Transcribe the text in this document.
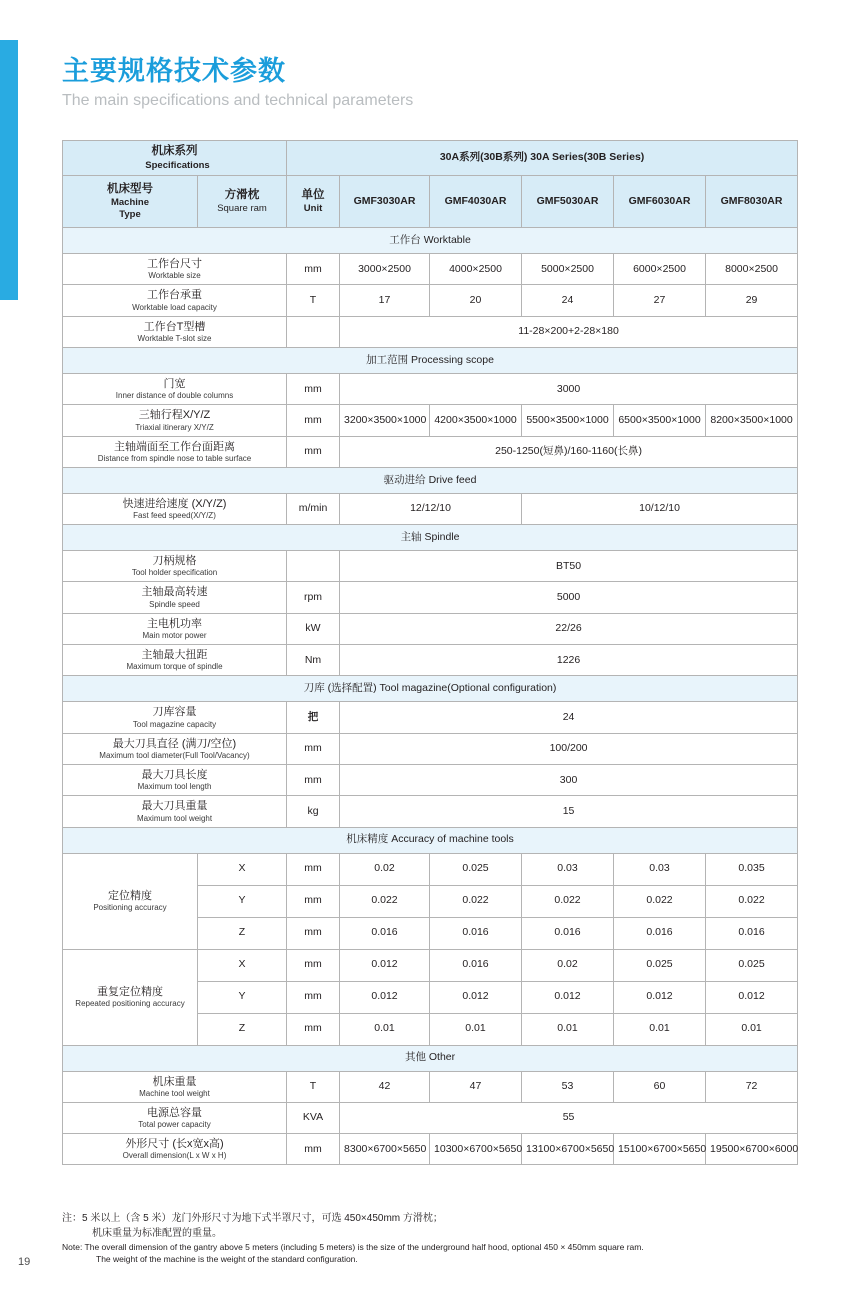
主要规格技术参数
The main specifications and technical parameters
机床系列
Specifications		30A系列(30B系列) 30A Series(30B Series)					

机床型号
Machine
Type	方滑枕
Square ram	单位
Unit	GMF3030AR	GMF4030AR	GMF5030AR	GMF6030AR	GMF8030AR
工作台 Worktable							

工作台尺寸
Worktable size		mm	3000×2500	4000×2500	5000×2500	6000×2500	8000×2500

工作台承重
Worktable load capacity		T	17	20	24	27	29

工作台T型槽
Worktable T-slot size			11-28×200+2-28×180				
加工范围 Processing scope							

门宽
Inner distance of double columns		mm	3000				

三轴行程X/Y/Z
Triaxial itinerary X/Y/Z		mm	3200×3500×1000	4200×3500×1000	5500×3500×1000	6500×3500×1000	8200×3500×1000

主轴端面至工作台面距离
Distance from spindle nose to table surface		mm	250-1250(短鼻)/160-1160(长鼻)				
驱动进给 Drive feed							

快速进给速度 (X/Y/Z)
Fast feed speed(X/Y/Z)		m/min	12/12/10		10/12/10		
主轴 Spindle							

刀柄规格
Tool holder specification			BT50				

主轴最高转速
Spindle speed		rpm	5000				

主电机功率
Main motor power		kW	22/26				

主轴最大扭距
Maximum torque of spindle		Nm	1226				
刀库 (选择配置) Tool magazine(Optional configuration)							

刀库容量
Tool magazine capacity		把	24				

最大刀具直径 (满刀/空位)
Maximum tool diameter(Full Tool/Vacancy)		mm	100/200				

最大刀具长度
Maximum tool length		mm	300				

最大刀具重量
Maximum tool weight		kg	15				
机床精度 Accuracy of machine tools							

定位精度
Positioning accuracy	X	mm	0.02	0.025	0.03	0.03	0.035
	Y	mm	0.022	0.022	0.022	0.022	0.022
	Z	mm	0.016	0.016	0.016	0.016	0.016

重复定位精度
Repeated positioning accuracy	X	mm	0.012	0.016	0.02	0.025	0.025
	Y	mm	0.012	0.012	0.012	0.012	0.012
	Z	mm	0.01	0.01	0.01	0.01	0.01
其他 Other							

机床重量
Machine tool weight		T	42	47	53	60	72

电源总容量
Total power capacity		KVA	55				

外形尺寸 (长x宽x高)
Overall dimension(L x W x H)		mm	8300×6700×5650	10300×6700×5650	13100×6700×5650	15100×6700×5650	19500×6700×6000
注：5 米以上（含 5 米）龙门外形尺寸为地下式半罩尺寸，可选 450×450mm 方滑枕；
机床重量为标准配置的重量。
Note: The overall dimension of the gantry above 5 meters (including 5 meters) is the size of the underground half hood, optional 450 × 450mm square ram.
The weight of the machine is the weight of the standard configuration.
19
